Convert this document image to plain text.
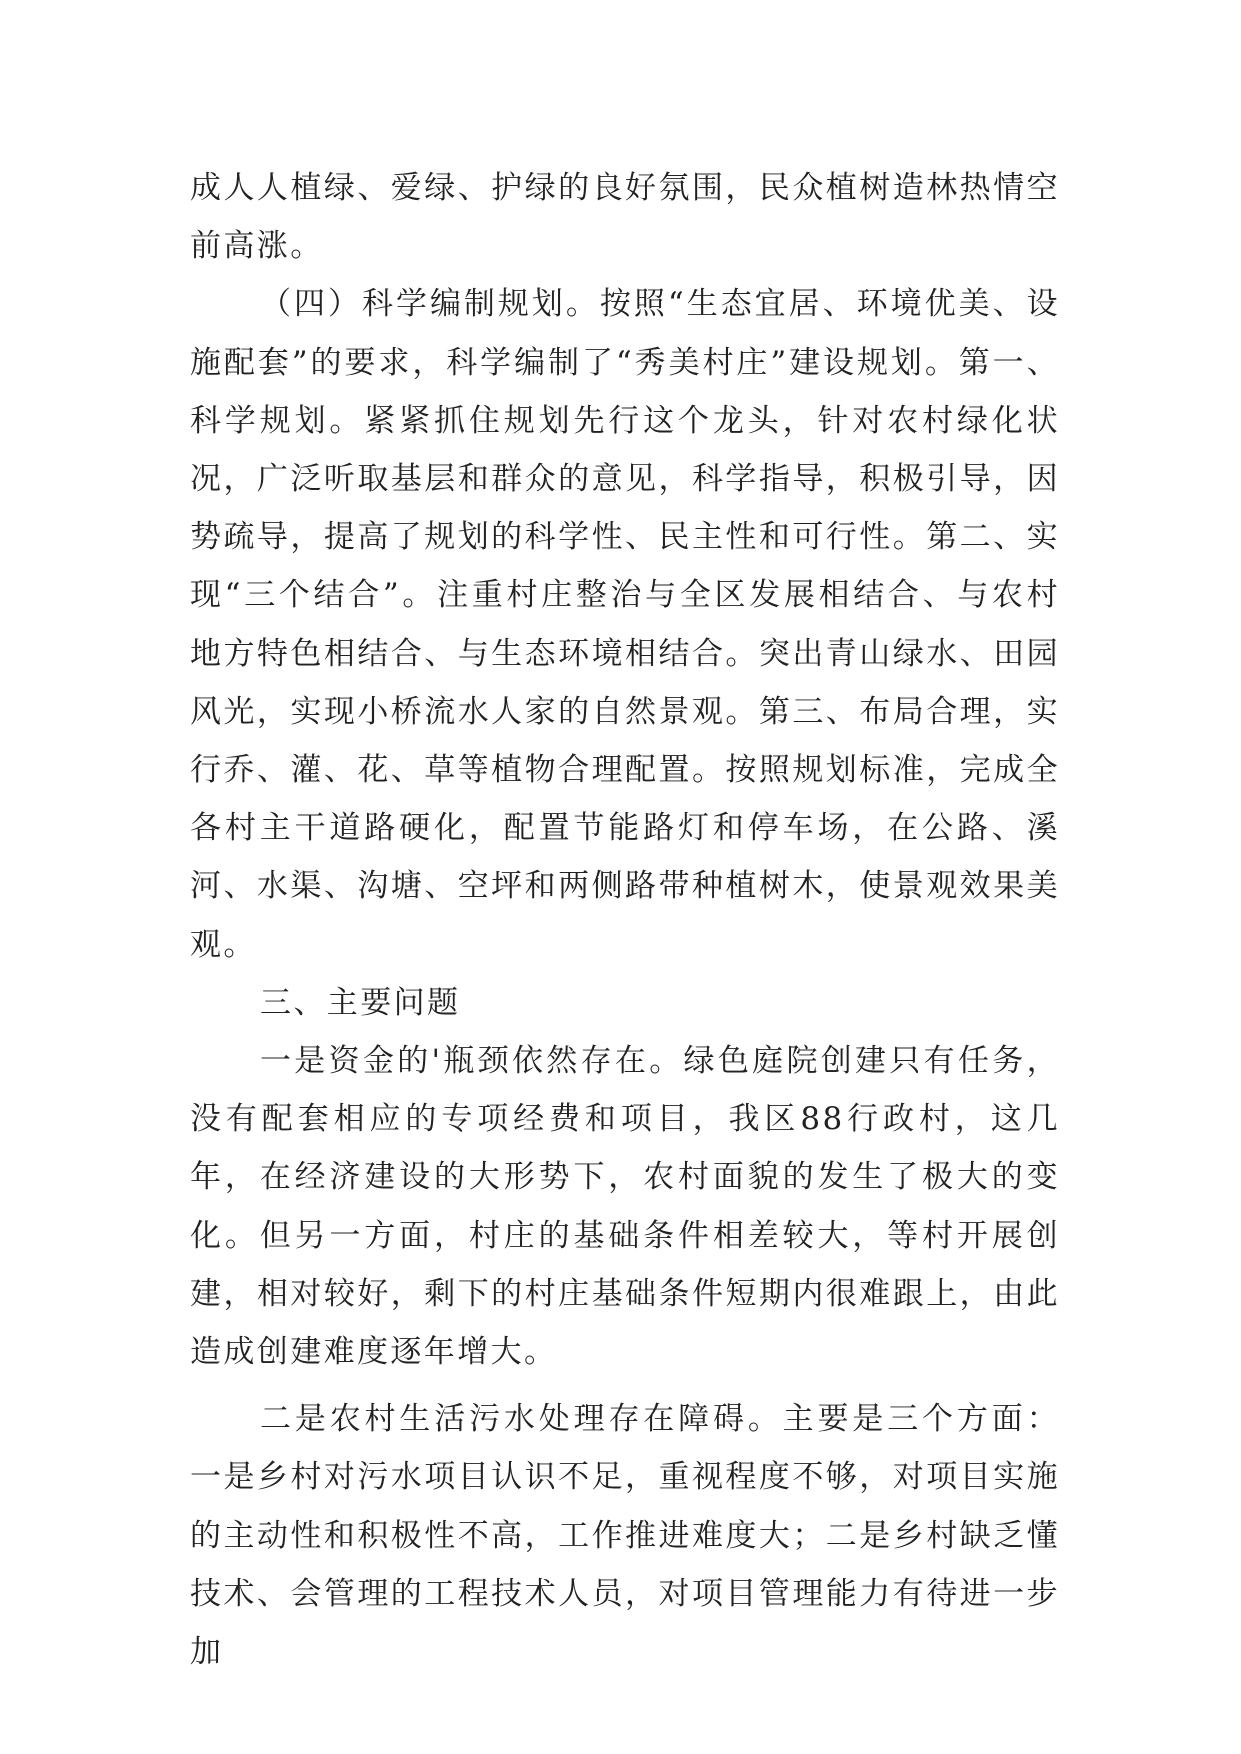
成人人植绿、爱绿、护绿的良好氛围，民众植树造林热情空前高涨。

（四）科学编制规划。按照“生态宜居、环境优美、设施配套”的要求，科学编制了“秀美村庄”建设规划。第一、科学规划。紧紧抓住规划先行这个龙头，针对农村绿化状况，广泛听取基层和群众的意见，科学指导，积极引导，因势疏导，提高了规划的科学性、民主性和可行性。第二、实现“三个结合”。注重村庄整治与全区发展相结合、与农村地方特色相结合、与生态环境相结合。突出青山绿水、田园风光，实现小桥流水人家的自然景观。第三、布局合理，实行乔、灌、花、草等植物合理配置。按照规划标准，完成全各村主干道路硬化，配置节能路灯和停车场，在公路、溪河、水渠、沟塘、空坪和两侧路带种植树木，使景观效果美观。

三、主要问题

一是资金的'瓶颈依然存在。绿色庭院创建只有任务，没有配套相应的专项经费和项目，我区88行政村，这几年，在经济建设的大形势下，农村面貌的发生了极大的变化。但另一方面，村庄的基础条件相差较大，等村开展创建，相对较好，剩下的村庄基础条件短期内很难跟上，由此造成创建难度逐年增大。

二是农村生活污水处理存在障碍。主要是三个方面：一是乡村对污水项目认识不足，重视程度不够，对项目实施的主动性和积极性不高，工作推进难度大；二是乡村缺乏懂技术、会管理的工程技术人员，对项目管理能力有待进一步加
